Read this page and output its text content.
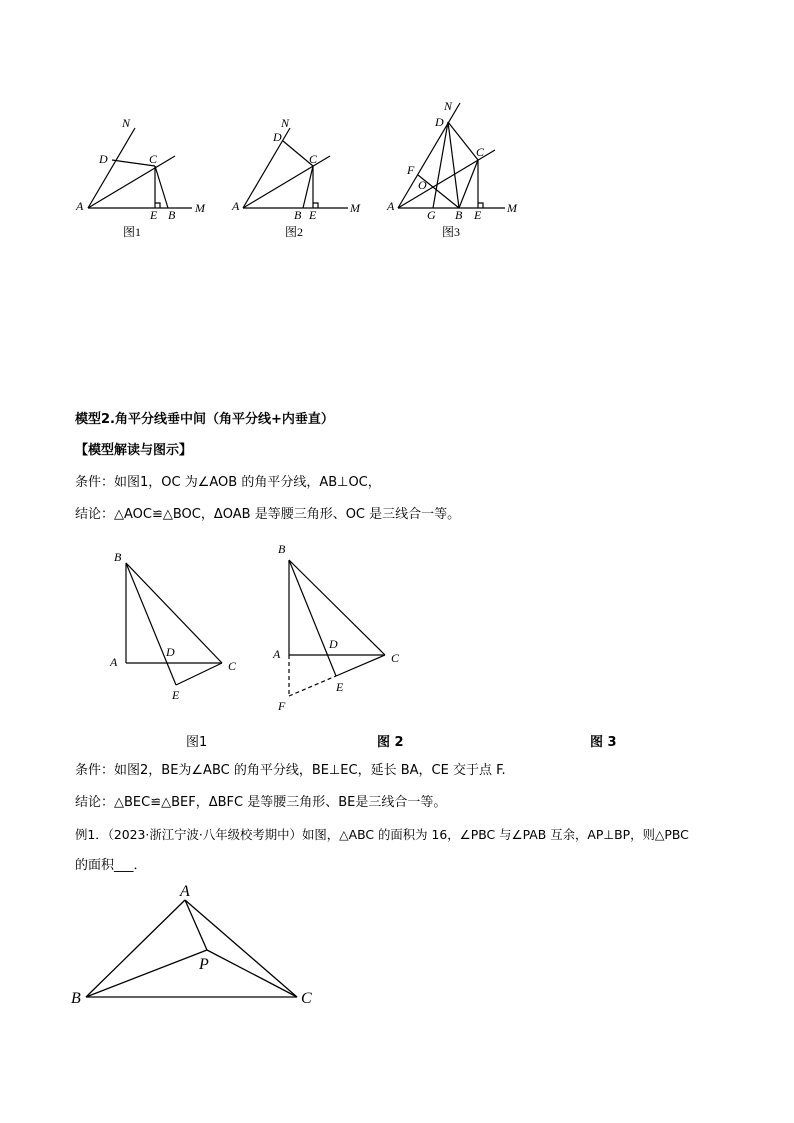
N
D	C
A
E B M
图1
N
D
C
A
B E	M
图2
N
D
C
F
O
A
G B E M
图3
模型2.角平分线垂中间（角平分线+内垂直）
【模型解读与图示】
条件：如图1，OC 为∠AOB 的角平分线，AB⊥OC，
结论：△AOC≌△BOC，ΔOAB 是等腰三角形、OC 是三线合一等。
B
A
D
C
E
B
A
D
C
E
F
图1	图 2	图 3
条件：如图2，BE为∠ABC 的角平分线，BE⊥EC，延长 BA，CE 交于点 F.
结论：△BEC≌△BEF，ΔBFC 是等腰三角形、BE是三线合一等。
例1．（2023·浙江宁波·八年级校考期中）如图，△ABC 的面积为 16，∠PBC 与∠PAB 互余，AP⊥BP，则△PBC
的面积___．
A
P
B	C
